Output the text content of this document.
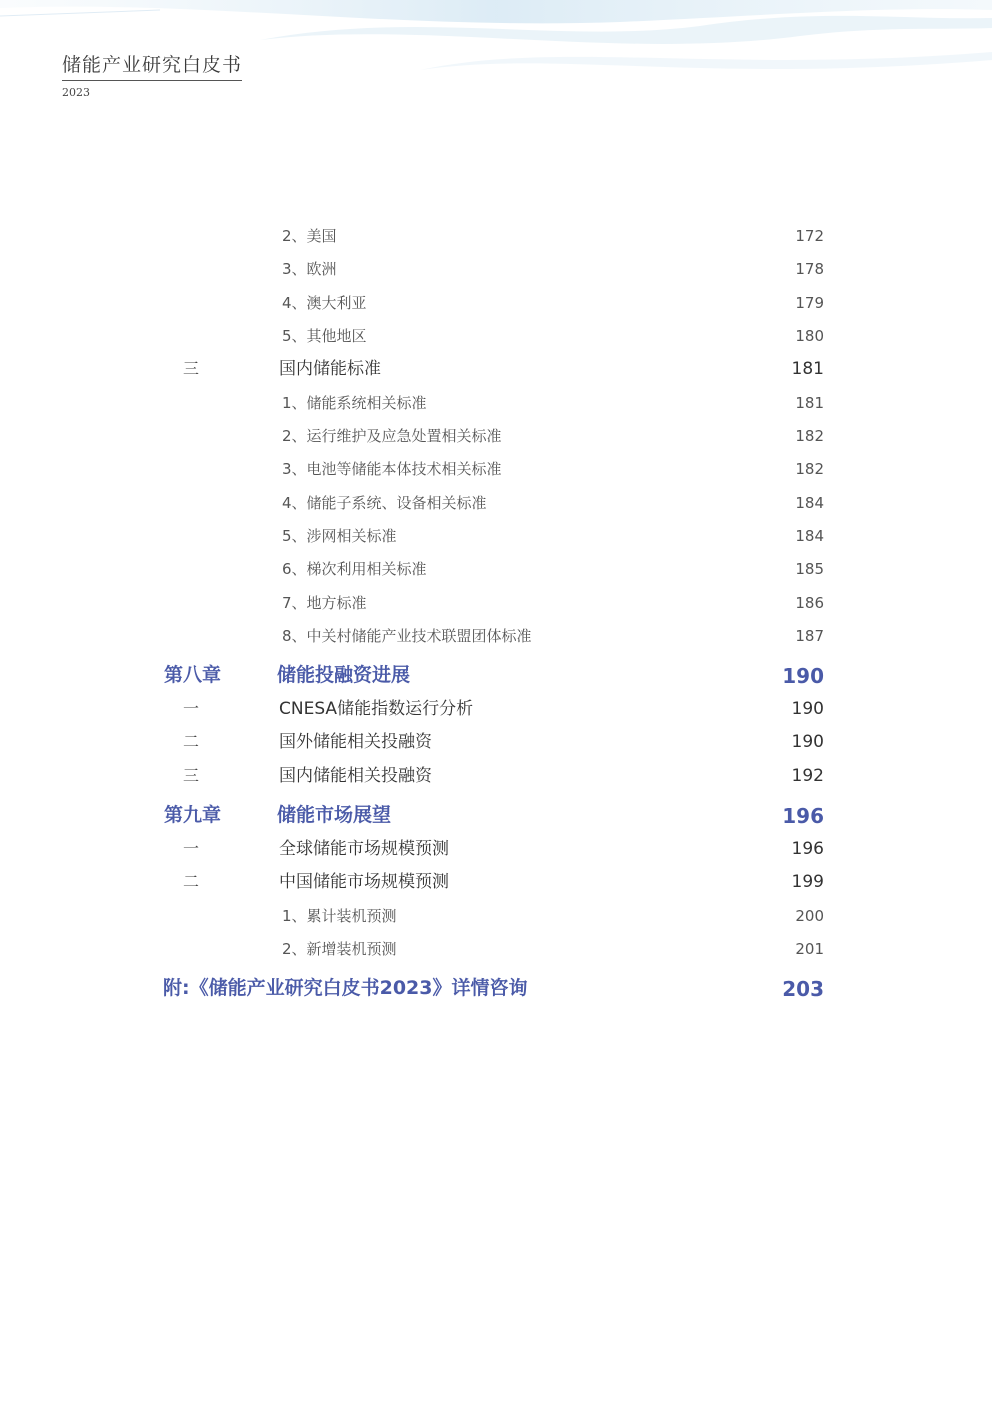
储能产业研究白皮书
2023
2、美国	172
3、欧洲	178
4、澳大利亚	179
5、其他地区	180
三	国内储能标准	181
1、储能系统相关标准	181
2、运行维护及应急处置相关标准	182
3、电池等储能本体技术相关标准	182
4、储能子系统、设备相关标准	184
5、涉网相关标准	184
6、梯次利用相关标准	185
7、地方标准	186
8、中关村储能产业技术联盟团体标准	187
第八章	储能投融资进展	190
一	CNESA储能指数运行分析	190
二	国外储能相关投融资	190
三	国内储能相关投融资	192
第九章	储能市场展望	196
一	全球储能市场规模预测	196
二	中国储能市场规模预测	199
1、累计装机预测	200
2、新增装机预测	201
附:《储能产业研究白皮书2023》详情咨询	203
